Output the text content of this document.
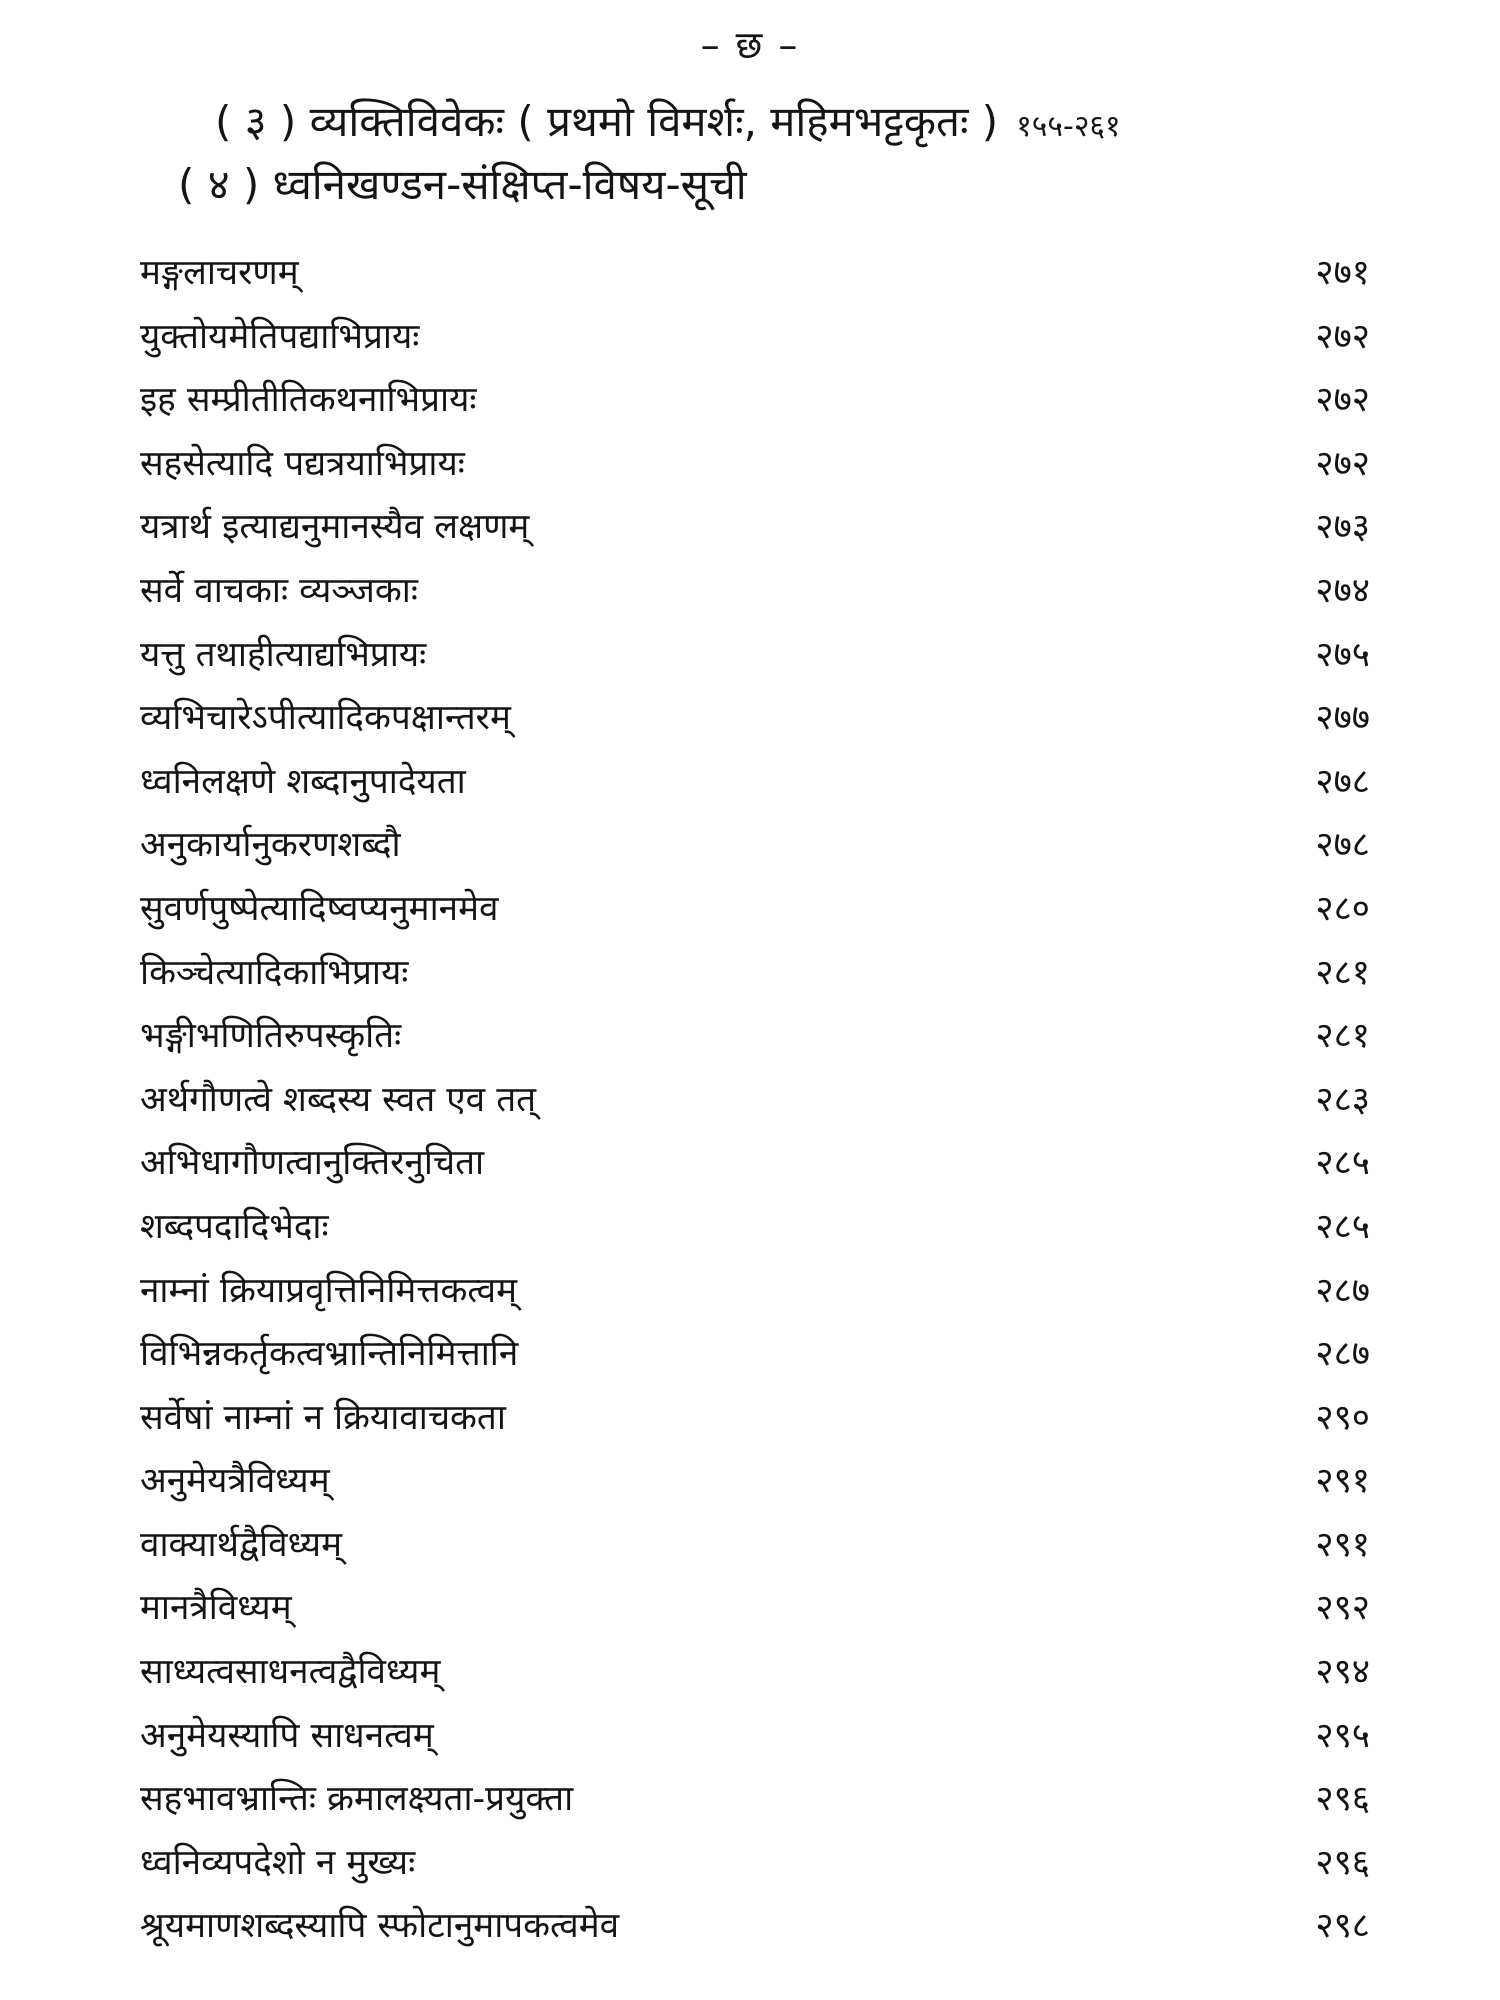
– छ –
( ३ ) व्यक्तिविवेकः ( प्रथमो विमर्शः, महिमभट्टकृतः ) १५५-२६१
( ४ ) ध्वनिखण्डन-संक्षिप्त-विषय-सूची
मङ्गलाचरणम्	२७१
युक्तोयमेतिपद्याभिप्रायः	२७२
इह सम्प्रीतीतिकथनाभिप्रायः	२७२
सहसेत्यादि पद्यत्रयाभिप्रायः	२७२
यत्रार्थ इत्याद्यनुमानस्यैव लक्षणम्	२७३
सर्वे वाचकाः व्यञ्जकाः	२७४
यत्तु तथाहीत्याद्यभिप्रायः	२७५
व्यभिचारेऽपीत्यादिकपक्षान्तरम्	२७७
ध्वनिलक्षणे शब्दानुपादेयता	२७८
अनुकार्यानुकरणशब्दौ	२७८
सुवर्णपुष्पेत्यादिष्वप्यनुमानमेव	२८०
किञ्चेत्यादिकाभिप्रायः	२८१
भङ्गीभणितिरुपस्कृतिः	२८१
अर्थगौणत्वे शब्दस्य स्वत एव तत्	२८३
अभिधागौणत्वानुक्तिरनुचिता	२८५
शब्दपदादिभेदाः	२८५
नाम्नां क्रियाप्रवृत्तिनिमित्तकत्वम्	२८७
विभिन्नकर्तृकत्वभ्रान्तिनिमित्तानि	२८७
सर्वेषां नाम्नां न क्रियावाचकता	२९०
अनुमेयत्रैविध्यम्	२९१
वाक्यार्थद्वैविध्यम्	२९१
मानत्रैविध्यम्	२९२
साध्यत्वसाधनत्वद्वैविध्यम्	२९४
अनुमेयस्यापि साधनत्वम्	२९५
सहभावभ्रान्तिः क्रमालक्ष्यता-प्रयुक्ता	२९६
ध्वनिव्यपदेशो न मुख्यः	२९६
श्रूयमाणशब्दस्यापि स्फोटानुमापकत्वमेव	२९८
